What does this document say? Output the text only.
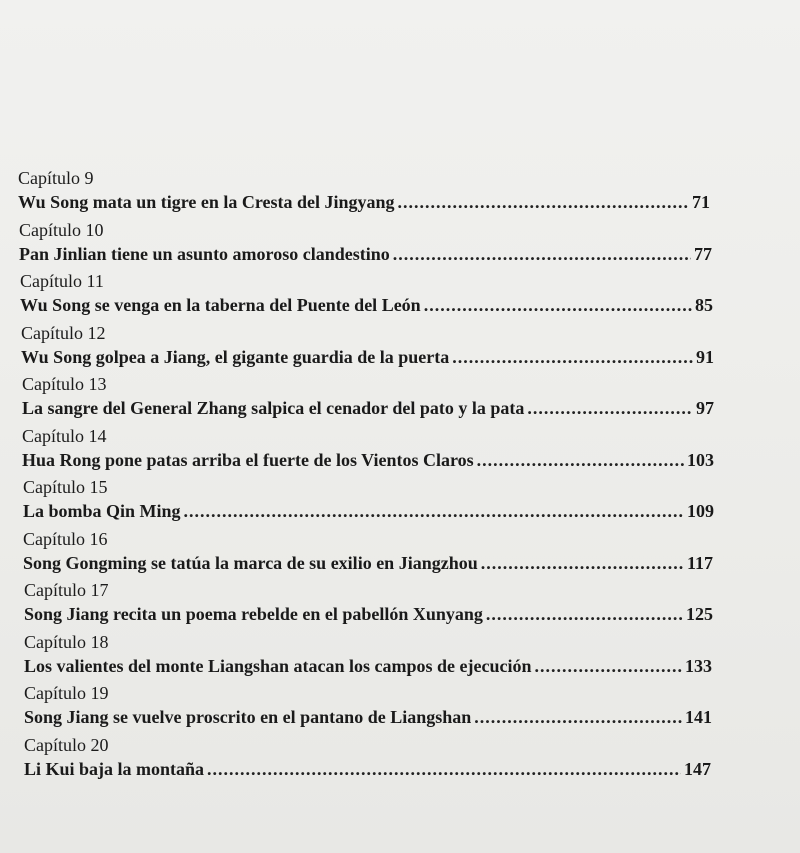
Capítulo 9
Wu Song mata un tigre en la Cresta del Jingyang .....	71
Capítulo 10
Pan Jinlian tiene un asunto amoroso clandestino .....	77
Capítulo 11
Wu Song se venga en la taberna del Puente del León .....	85
Capítulo 12
Wu Song golpea a Jiang, el gigante guardia de la puerta .....	91
Capítulo 13
La sangre del General Zhang salpica el cenador del pato y la pata .....	97
Capítulo 14
Hua Rong pone patas arriba el fuerte de los Vientos Claros .....	103
Capítulo 15
La bomba Qin Ming .....	109
Capítulo 16
Song Gongming se tatúa la marca de su exilio en Jiangzhou .....	117
Capítulo 17
Song Jiang recita un poema rebelde en el pabellón Xunyang .....	125
Capítulo 18
Los valientes del monte Liangshan atacan los campos de ejecución .....	133
Capítulo 19
Song Jiang se vuelve proscrito en el pantano de Liangshan .....	141
Capítulo 20
Li Kui baja la montaña .....	147
